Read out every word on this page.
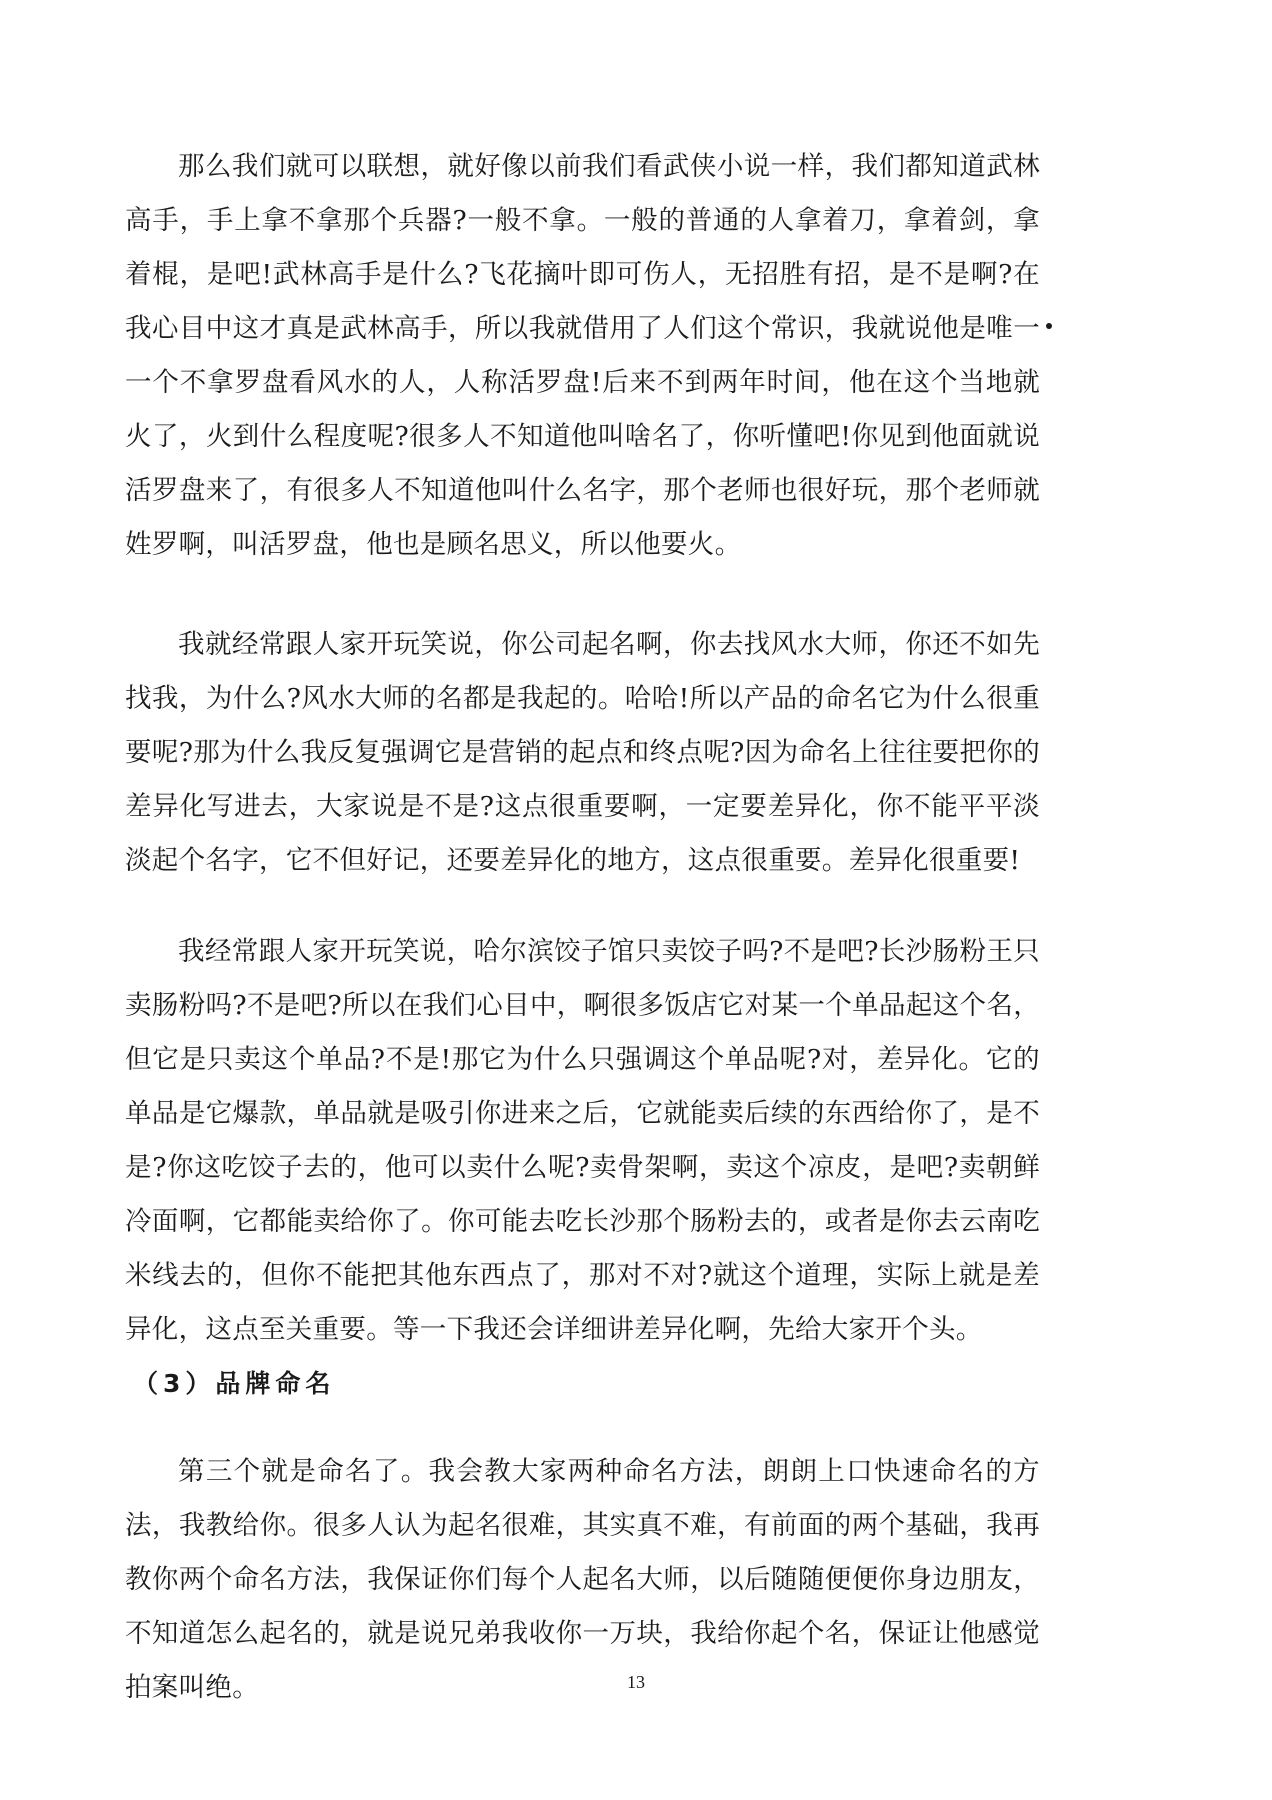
那么我们就可以联想，就好像以前我们看武侠小说一样，我们都知道武林高手，手上拿不拿那个兵器?一般不拿。一般的普通的人拿着刀，拿着剑，拿着棍，是吧!武林高手是什么?飞花摘叶即可伤人，无招胜有招，是不是啊?在我心目中这才真是武林高手，所以我就借用了人们这个常识，我就说他是唯一一个不拿罗盘看风水的人，人称活罗盘!后来不到两年时间，他在这个当地就火了，火到什么程度呢?很多人不知道他叫啥名了，你听懂吧!你见到他面就说活罗盘来了，有很多人不知道他叫什么名字，那个老师也很好玩，那个老师就姓罗啊，叫活罗盘，他也是顾名思义，所以他要火。

我就经常跟人家开玩笑说，你公司起名啊，你去找风水大师，你还不如先找我，为什么?风水大师的名都是我起的。哈哈!所以产品的命名它为什么很重要呢?那为什么我反复强调它是营销的起点和终点呢?因为命名上往往要把你的差异化写进去，大家说是不是?这点很重要啊，一定要差异化，你不能平平淡淡起个名字，它不但好记，还要差异化的地方，这点很重要。差异化很重要!

我经常跟人家开玩笑说，哈尔滨饺子馆只卖饺子吗?不是吧?长沙肠粉王只卖肠粉吗?不是吧?所以在我们心目中，啊很多饭店它对某一个单品起这个名，但它是只卖这个单品?不是!那它为什么只强调这个单品呢?对，差异化。它的单品是它爆款，单品就是吸引你进来之后，它就能卖后续的东西给你了，是不是?你这吃饺子去的，他可以卖什么呢?卖骨架啊，卖这个凉皮，是吧?卖朝鲜冷面啊，它都能卖给你了。你可能去吃长沙那个肠粉去的，或者是你去云南吃米线去的，但你不能把其他东西点了，那对不对?就这个道理，实际上就是差异化，这点至关重要。等一下我还会详细讲差异化啊，先给大家开个头。

（3）品牌命名

第三个就是命名了。我会教大家两种命名方法，朗朗上口快速命名的方法，我教给你。很多人认为起名很难，其实真不难，有前面的两个基础，我再教你两个命名方法，我保证你们每个人起名大师，以后随随便便你身边朋友，不知道怎么起名的，就是说兄弟我收你一万块，我给你起个名，保证让他感觉拍案叫绝。	13
